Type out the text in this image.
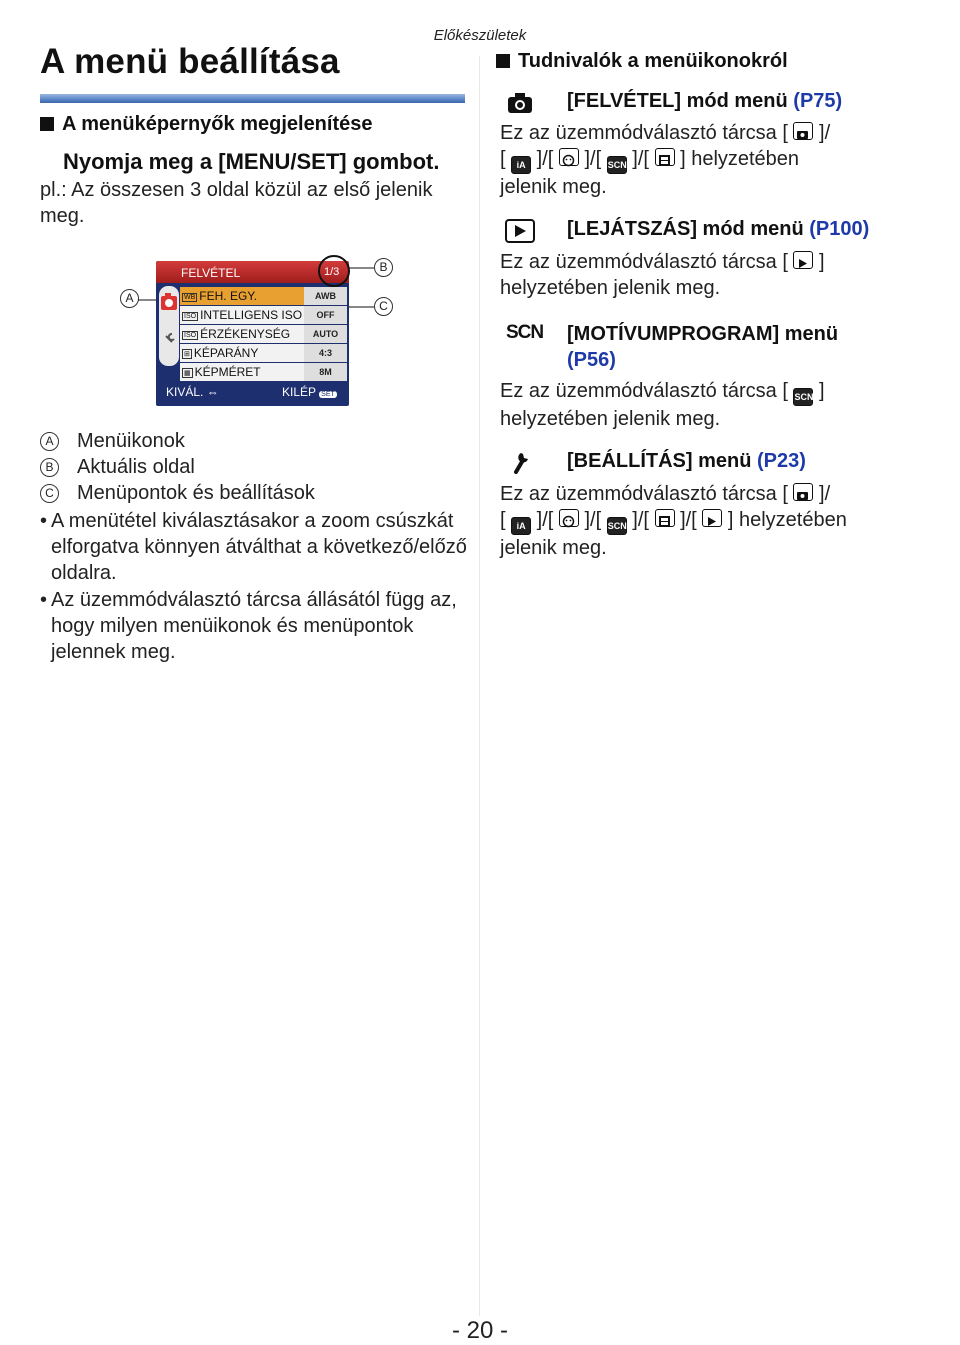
Előkészületek
A menü beállítása
A menüképernyők megjelenítése
Nyomja meg a [MENU/SET] gombot.
pl.: Az összesen 3 oldal közül az első jelenik meg.
A
B
C
FELVÉTEL	1/3
WB FEH. EGY.	AWB
ISO INTELLIGENS ISO	OFF
ISO ÉRZÉKENYSÉG	AUTO
⊞ KÉPARÁNY	4:3
▦ KÉPMÉRET	8M
KIVÁL. ⇔	KILÉP SET
A Menüikonok
B Aktuális oldal
C Menüpontok és beállítások
• A menütétel kiválasztásakor a zoom csúszkát elforgatva könnyen átválthat a következő/előző oldalra.
• Az üzemmódválasztó tárcsa állásától függ az, hogy milyen menüikonok és menüpontok jelennek meg.
Tudnivalók a menüikonokról
[FELVÉTEL] mód menü (P75)
Ez az üzemmódválasztó tárcsa [ ]/
[ iA ]/[  ]/[ SCN ]/[  ] helyzetében
jelenik meg.
[LEJÁTSZÁS] mód menü (P100)
Ez az üzemmódválasztó tárcsa [ ]
helyzetében jelenik meg.
SCN [MOTÍVUMPROGRAM] menü
(P56)
Ez az üzemmódválasztó tárcsa [ SCN ]
helyzetében jelenik meg.
[BEÁLLÍTÁS] menü (P23)
Ez az üzemmódválasztó tárcsa [ ]/
[ iA ]/[  ]/[ SCN ]/[  ]/[  ] helyzetében
jelenik meg.
- 20 -
